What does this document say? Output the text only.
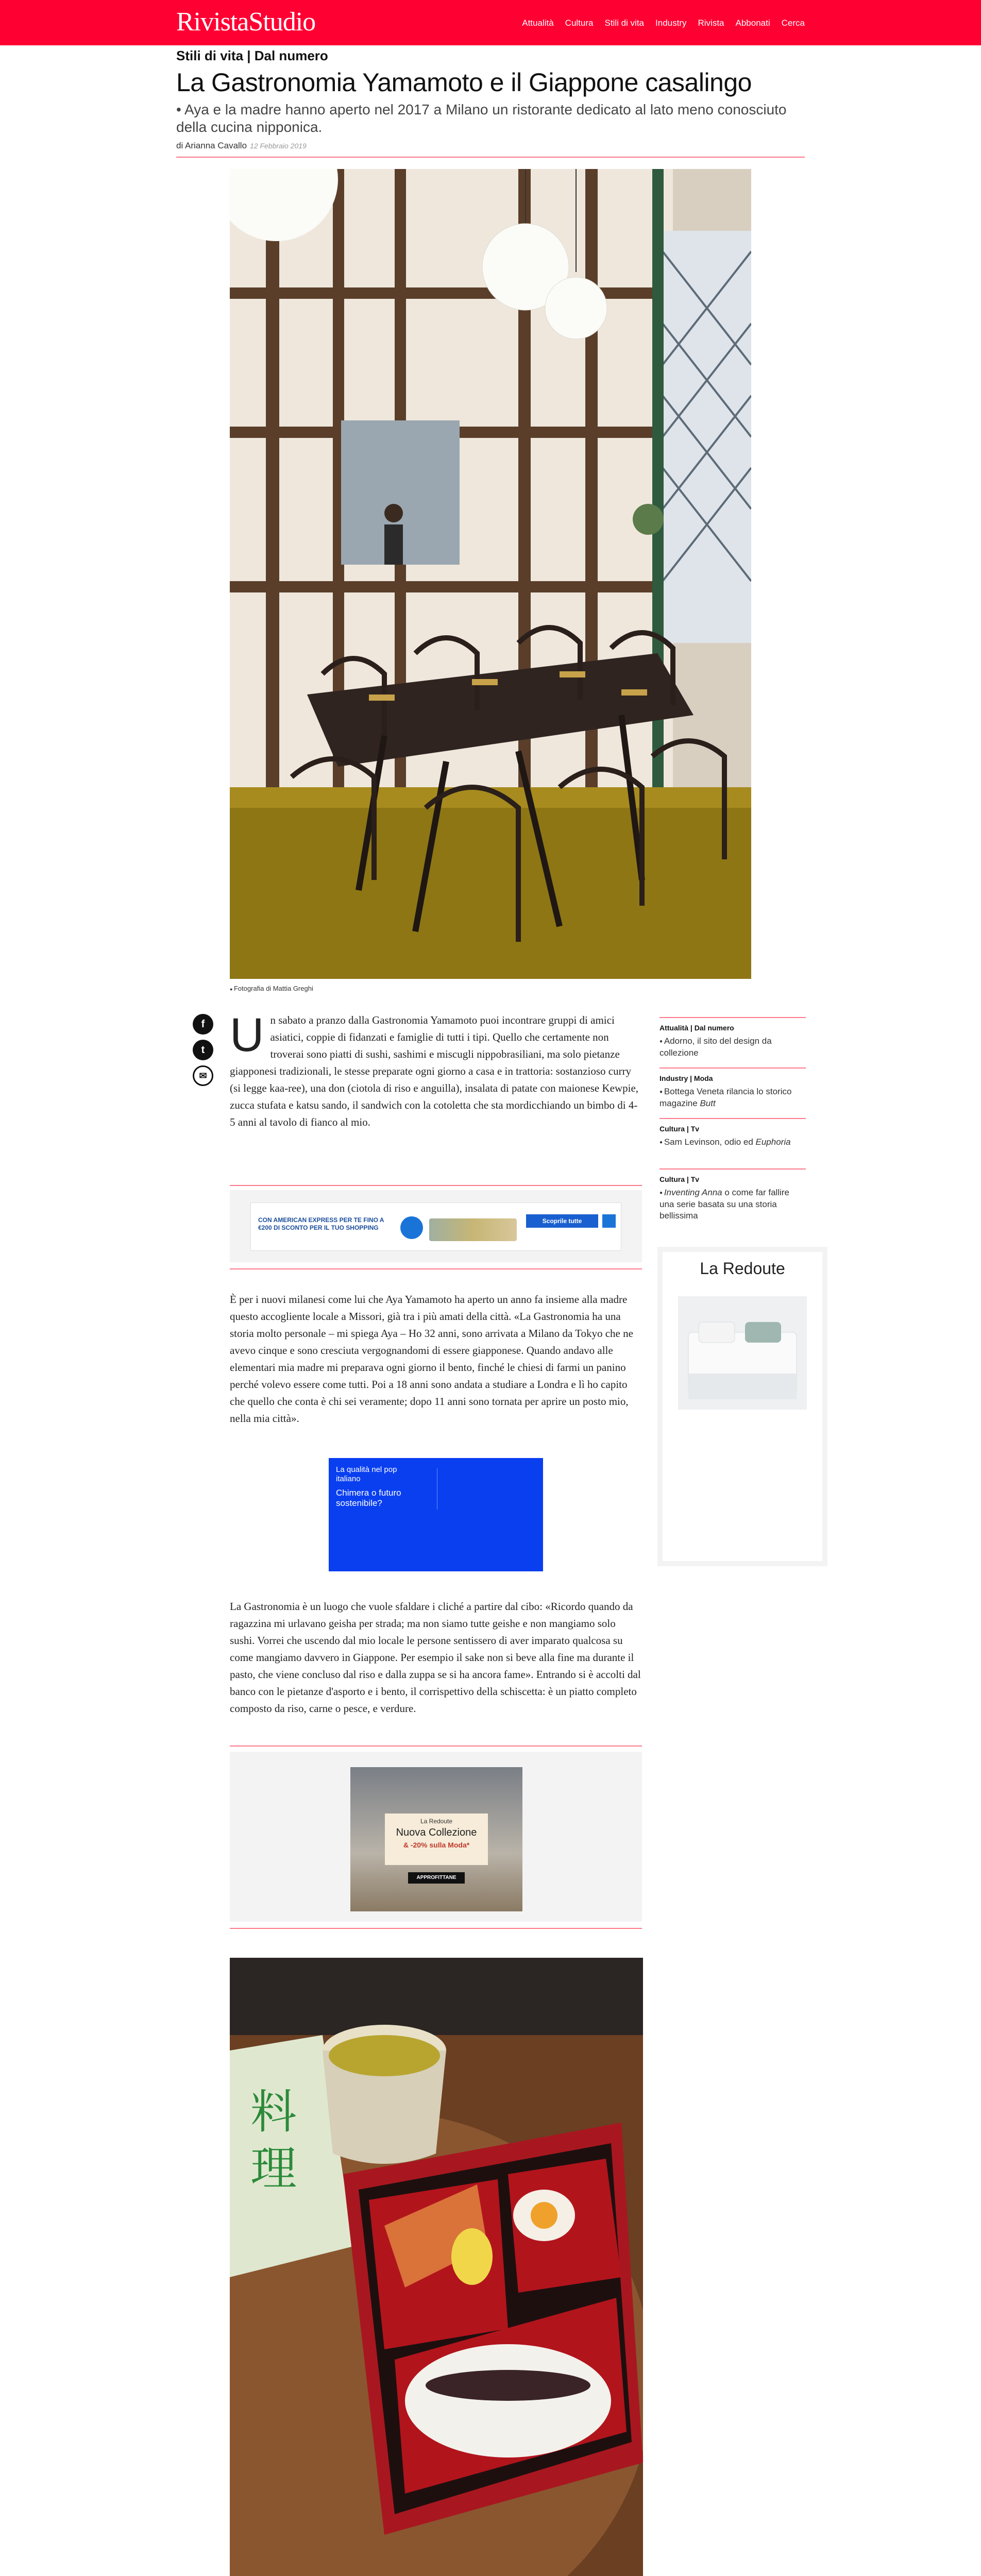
RivistaStudio	Attualità Cultura Stili di vita Industry Rivista Abbonati Cerca
Stili di vita | Dal numero
La Gastronomia Yamamoto e il Giappone casalingo
• Aya e la madre hanno aperto nel 2017 a Milano un ristorante dedicato al lato meno conosciuto della cucina nipponica.
di Arianna Cavallo 12 Febbraio 2019
● Fotografia di Mattia Greghi
f
t
✉
Un sabato a pranzo dalla Gastronomia Yamamoto puoi incontrare gruppi di amici asiatici, coppie di fidanzati e famiglie di tutti i tipi. Quello che certamente non troverai sono piatti di sushi, sashimi e miscugli nippobrasiliani, ma solo pietanze giapponesi tradizionali, le stesse preparate ogni giorno a casa e in trattoria: sostanzioso curry (si legge kaa-ree), una don (ciotola di riso e anguilla), insalata di patate con maionese Kewpie, zucca stufata e katsu sando, il sandwich con la cotoletta che sta mordicchiando un bimbo di 4-5 anni al tavolo di fianco al mio.
Attualità | Dal numero
● Adorno, il sito del design da collezione
Industry | Moda
● Bottega Veneta rilancia lo storico magazine Butt
Cultura | Tv
● Sam Levinson, odio ed Euphoria
Cultura | Tv
● Inventing Anna o come far fallire una serie basata su una storia bellissima
La Redoute
CON AMERICAN EXPRESS PER TE FINO A €200 DI SCONTO PER IL TUO SHOPPING
Scoprile tutte
È per i nuovi milanesi come lui che Aya Yamamoto ha aperto un anno fa insieme alla madre questo accogliente locale a Missori, già tra i più amati della città. «La Gastronomia ha una storia molto personale – mi spiega Aya – Ho 32 anni, sono arrivata a Milano da Tokyo che ne avevo cinque e sono cresciuta vergognandomi di essere giapponese. Quando andavo alle elementari mia madre mi preparava ogni giorno il bento, finché le chiesi di farmi un panino perché volevo essere come tutti. Poi a 18 anni sono andata a studiare a Londra e lì ho capito che quello che conta è chi sei veramente; dopo 11 anni sono tornata per aprire un posto mio, nella mia città».
La qualità nel pop italiano
Chimera o futuro sostenibile?
La Gastronomia è un luogo che vuole sfaldare i cliché a partire dal cibo: «Ricordo quando da ragazzina mi urlavano geisha per strada; ma non siamo tutte geishe e non mangiamo solo sushi. Vorrei che uscendo dal mio locale le persone sentissero di aver imparato qualcosa su come mangiamo davvero in Giappone. Per esempio il sake non si beve alla fine ma durante il pasto, che viene concluso dal riso e dalla zuppa se si ha ancora fame». Entrando si è accolti dal banco con le pietanze d'asporto e i bento, il corrispettivo della schiscetta: è un piatto completo composto da riso, carne o pesce, e verdure.
La Redoute
Nuova Collezione
& -20% sulla Moda*
APPROFITTANE
料
理
